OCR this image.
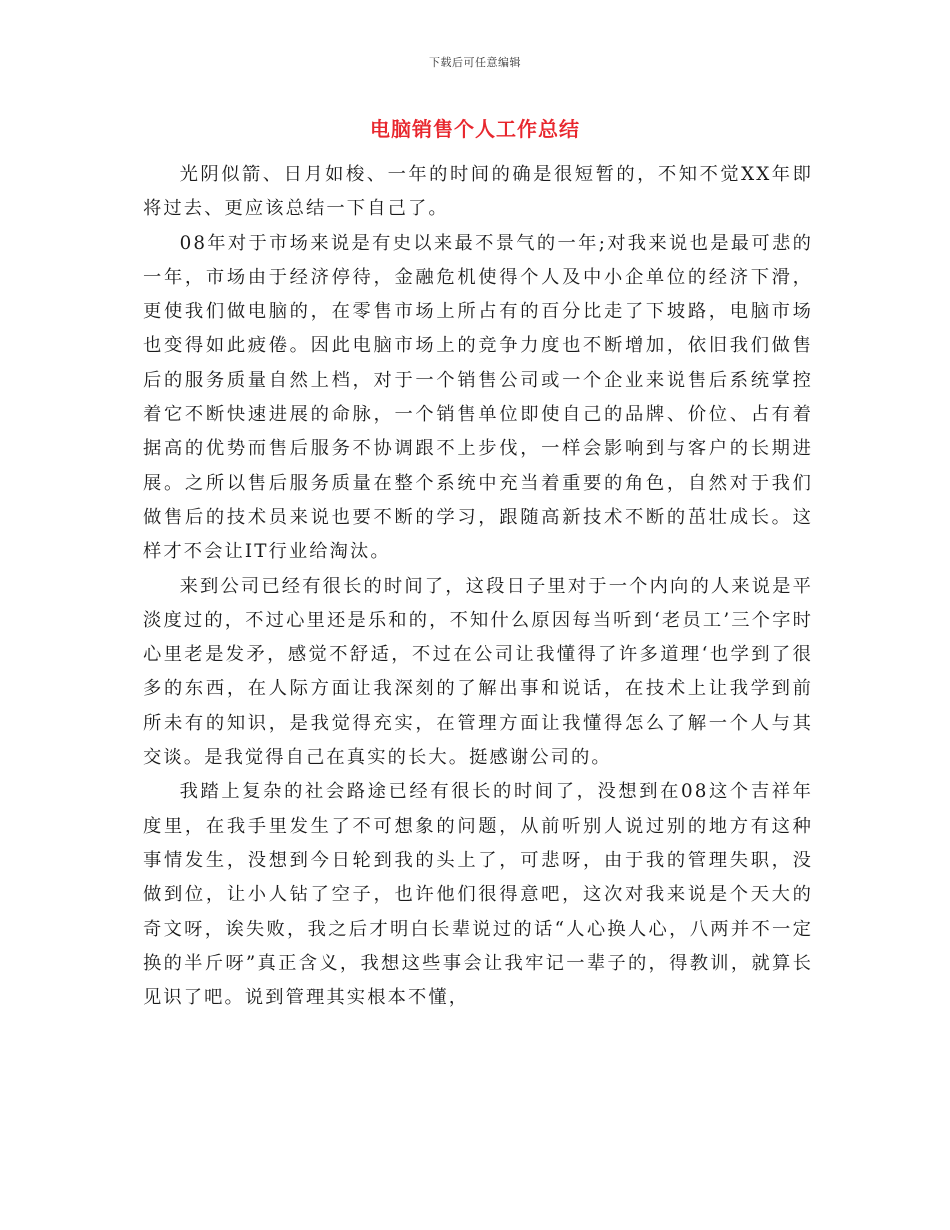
下载后可任意编辑
电脑销售个人工作总结

光阴似箭、日月如梭、一年的时间的确是很短暂的，不知不觉XX年即将过去、更应该总结一下自己了。

08年对于市场来说是有史以来最不景气的一年;对我来说也是最可悲的一年，市场由于经济停待，金融危机使得个人及中小企单位的经济下滑，更使我们做电脑的，在零售市场上所占有的百分比走了下坡路，电脑市场也变得如此疲倦。因此电脑市场上的竞争力度也不断增加，依旧我们做售后的服务质量自然上档，对于一个销售公司或一个企业来说售后系统掌控着它不断快速进展的命脉，一个销售单位即使自己的品牌、价位、占有着据高的优势而售后服务不协调跟不上步伐，一样会影响到与客户的长期进展。之所以售后服务质量在整个系统中充当着重要的角色，自然对于我们做售后的技术员来说也要不断的学习，跟随高新技术不断的茁壮成长。这样才不会让IT行业给淘汰。

来到公司已经有很长的时间了，这段日子里对于一个内向的人来说是平淡度过的，不过心里还是乐和的，不知什么原因每当听到‘老员工’三个字时心里老是发矛，感觉不舒适，不过在公司让我懂得了许多道理‘也学到了很多的东西，在人际方面让我深刻的了解出事和说话，在技术上让我学到前所未有的知识，是我觉得充实，在管理方面让我懂得怎么了解一个人与其交谈。是我觉得自己在真实的长大。挺感谢公司的。

我踏上复杂的社会路途已经有很长的时间了，没想到在08这个吉祥年度里，在我手里发生了不可想象的问题，从前听别人说过别的地方有这种事情发生，没想到今日轮到我的头上了，可悲呀，由于我的管理失职，没做到位，让小人钻了空子，也许他们很得意吧，这次对我来说是个天大的奇文呀，诶失败，我之后才明白长辈说过的话“人心换人心，八两并不一定换的半斤呀”真正含义，我想这些事会让我牢记一辈子的，得教训，就算长见识了吧。说到管理其实根本不懂，
